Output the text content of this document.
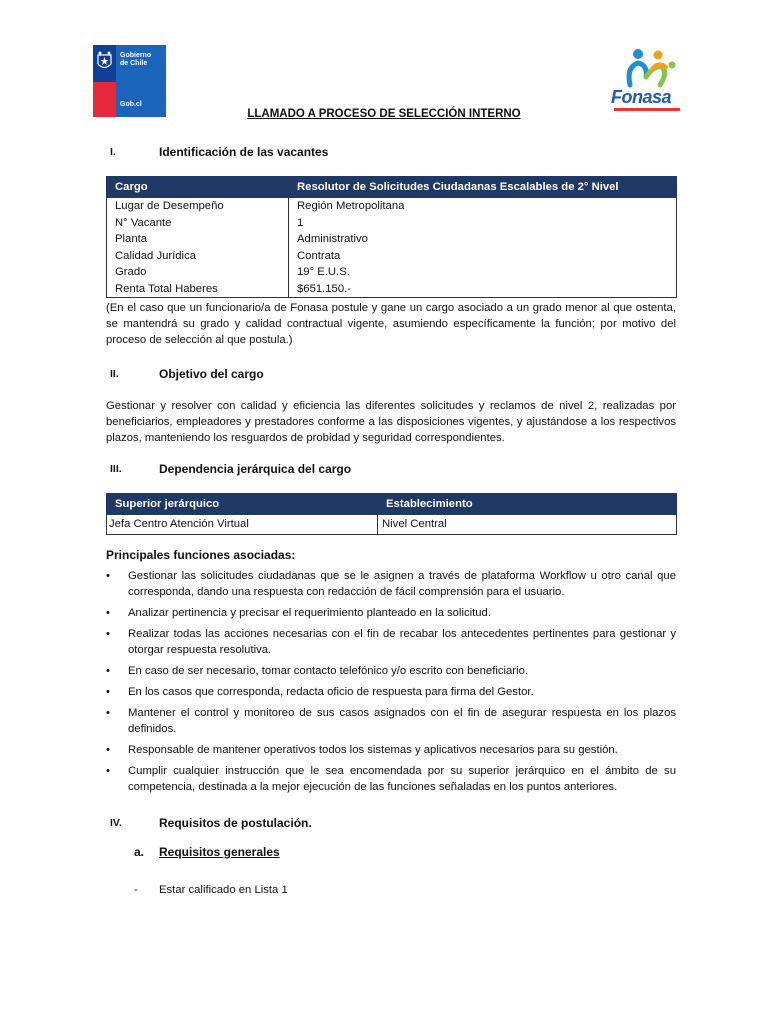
Gobierno
de Chile
Gob.cl	Fonasa
LLAMADO A PROCESO DE SELECCIÓN INTERNO
I.	Identificación de las vacantes
Cargo	Resolutor de Solicitudes Ciudadanas Escalables de 2° Nivel
Lugar de Desempeño	Región Metropolitana
N° Vacante	1
Planta	Administrativo
Calidad Jurídica	Contrata
Grado	19° E.U.S.
Renta Total Haberes	$651.150.-
(En el caso que un funcionario/a de Fonasa postule y gane un cargo asociado a un grado menor al que ostenta, se mantendrá su grado y calidad contractual vigente, asumiendo específicamente la función; por motivo del proceso de selección al que postula.)
II.	Objetivo del cargo
Gestionar y resolver con calidad y eficiencia las diferentes solicitudes y reclamos de nivel 2, realizadas por beneficiarios, empleadores y prestadores conforme a las disposiciones vigentes, y ajustándose a los respectivos plazos, manteniendo los resguardos de probidad y seguridad correspondientes.
III.	Dependencia jerárquica del cargo
Superior jerárquico	Establecimiento
Jefa Centro Atención Virtual	Nivel Central
Principales funciones asociadas:
• Gestionar las solicitudes ciudadanas que se le asignen a través de plataforma Workflow u otro canal que corresponda, dando una respuesta con redacción de fácil comprensión para el usuario.
• Analizar pertinencia y precisar el requerimiento planteado en la solicitud.
• Realizar todas las acciones necesarias con el fin de recabar los antecedentes pertinentes para gestionar y otorgar respuesta resolutiva.
• En caso de ser necesario, tomar contacto telefónico y/o escrito con beneficiario.
• En los casos que corresponda, redacta oficio de respuesta para firma del Gestor.
• Mantener el control y monitoreo de sus casos asignados con el fin de asegurar respuesta en los plazos definidos.
• Responsable de mantener operativos todos los sistemas y aplicativos necesarios para su gestión.
• Cumplir cualquier instrucción que le sea encomendada por su superior jerárquico en el ámbito de su competencia, destinada a la mejor ejecución de las funciones señaladas en los puntos anteriores.
IV.	Requisitos de postulación.
a. Requisitos generales
- Estar calificado en Lista 1
